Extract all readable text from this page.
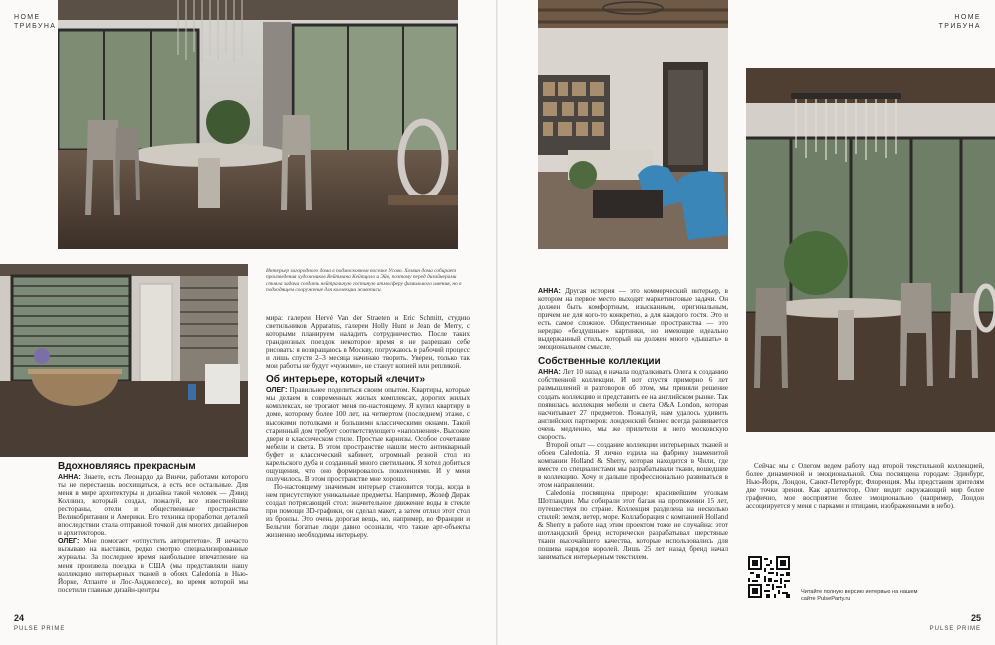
Интерьер загородного дома в подмосковном поселке Усово. Хозяин дома собирает произведения художников Вейтмана Кейтцоло и Эйв, поэтому перед дизайнерами стояла задача создать нейтральную гостиную атмосферу фамильного имения, но в подходящем сооружение для коллекции живописи.

Вдохновляясь прекрасным

АННА: Знаете, есть Леонардо да Винчи, работами которого ты не перестаешь восхищаться, а есть все остальные. Для меня в мире архитектуры и дизайна такой человек — Дэвид Коллинз, который создал, пожалуй, все известнейшие рестораны, отели и общественные пространства Великобритании и Америки. Его техника проработки деталей впоследствии стала отправной точкой для многих дизайнеров и архитекторов.

ОЛЕГ: Мне помогает «отпустить авторитетов». Я нечасто вызываю на выставки, редко смотрю специализированные журналы. За последнее время наибольшее впечатление на меня произвела поездка в США (мы представляли нашу коллекцию интерьерных тканей в обоях Caledonia в Нью-Йорке, Атланте и Лос-Анджелесе), во время которой мы посетили главные дизайн-центры

мира: галереи Hervé Van der Straeten и Eric Schmitt, студию светильников Apparatus, галереи Holly Hunt и Jean de Merry, с которыми планируем наладить сотрудничество. После таких грандиозных поездок некоторое время я не разрешаю себе рисовать: я возвращаюсь в Москву, погружаюсь в рабочий процесс и лишь спустя 2–3 месяца начинаю творить. Уверен, только так мои работы не будут «чужими», не станут копией или репликой.

Об интерьере, который «лечит»

ОЛЕГ: Правильнее поделиться своим опытом. Квартиры, которые мы делаем в современных жилых комплексах, дорогих жилых комплексах, не трогают меня по-настоящему. Я купил квартиру в доме, которому более 100 лет, на четвертом (последнем) этаже, с высокими потолками и большими классическими окнами. Такой старинный дом требует соответствующего «наполнения». Высокие двери в классическом стиле. Простые карнизы. Особое сочетание мебели и света. В этом пространстве нашли место антикварный буфет и классический кабинет, огромный резной стол из карельского дуба и созданный много светильник. Я хотел добиться ощущения, что оно формировалось поколениями. И у меня получилось. В этом пространстве мне хорошо.

По-настоящему значимым интерьер становится тогда, когда в нем присутствуют уникальные предметы. Например, Жозеф Дирак создал потрясающий стол: значительное движение воды в стекле при помощи 3D-графики, он сделал макет, а затем отлил этот стол из бронзы. Это очень дорогая вещь, но, например, во Франции и Бельгии богатые люди давно осознали, что такие арт-объекты жизненно необходимы интерьеру.

24
PULSE PRIME
HOME
ТРИБУНА

АННА: Другая история — это коммерческий интерьер, в котором на первое место выходят маркетинговые задачи. Он должен быть комфортным, изысканным, оригинальным, причем не для кого-то конкретно, а для каждого гостя. Это и есть самое сложное. Общественные пространства — это нередко «бездушные» картинки, но имеющие идеально выдержанный стиль, который на должен много «дышать» в эмоциональном смысле.

Собственные коллекции

АННА: Лет 10 назад я начала подталкивать Олега к созданию собственной коллекции. И вот спустя примерно 6 лет размышлений и разговоров об этом, мы приняли решение создать коллекцию и представить ее на английском рынке. Так появилась коллекция мебели и света O&A London, которая насчитывает 27 предметов. Пожалуй, нам удалось удивить английских партнеров: лондонский бизнес всегда развивается очень медленно, мы же прилетели в него московскую скорость.

Второй опыт — создание коллекции интерьерных тканей и обоев Caledonia. Я лично ездила на фабрику знаменитой компании Holland & Sherry, которая находится в Чили, где вместе со специалистами мы разрабатывали ткани, вошедшие в коллекцию. Хочу и дальше профессионально развиваться в этом направлении.

Caledonia посвящена природе: красивейшим уголкам Шотландии. Мы собирали этот багаж на протяжении 15 лет, путешествуя по стране. Коллекция разделена на несколько стилей: земля, ветер, море. Коллаборация с компанией Holland & Sherry в работе над этим проектом тоже не случайна: этот шотландский бренд исторически разрабатывал шерстяные ткани высочайшего качества, которые использовались для пошива нарядов королей. Лишь 25 лет назад бренд начал заниматься интерьерным текстилем.

Сейчас мы с Олегом ведем работу над второй текстильной коллекцией, более динамичной и эмоциональной. Она посвящена городам: Эдинбург, Нью-Йорк, Лондон, Санкт-Петербург, Флоренция. Мы представим зрителям две точки зрения. Как архитектор, Олег видит окружающий мир более графично, мое восприятие более эмоционально (например, Лондон ассоциируется у меня с парками и птицами, изображенными в небо).

Читайте полную версию интервью на нашем сайте PulseParty.ru
25
PULSE PRIME
HOME
ТРИБУНА
